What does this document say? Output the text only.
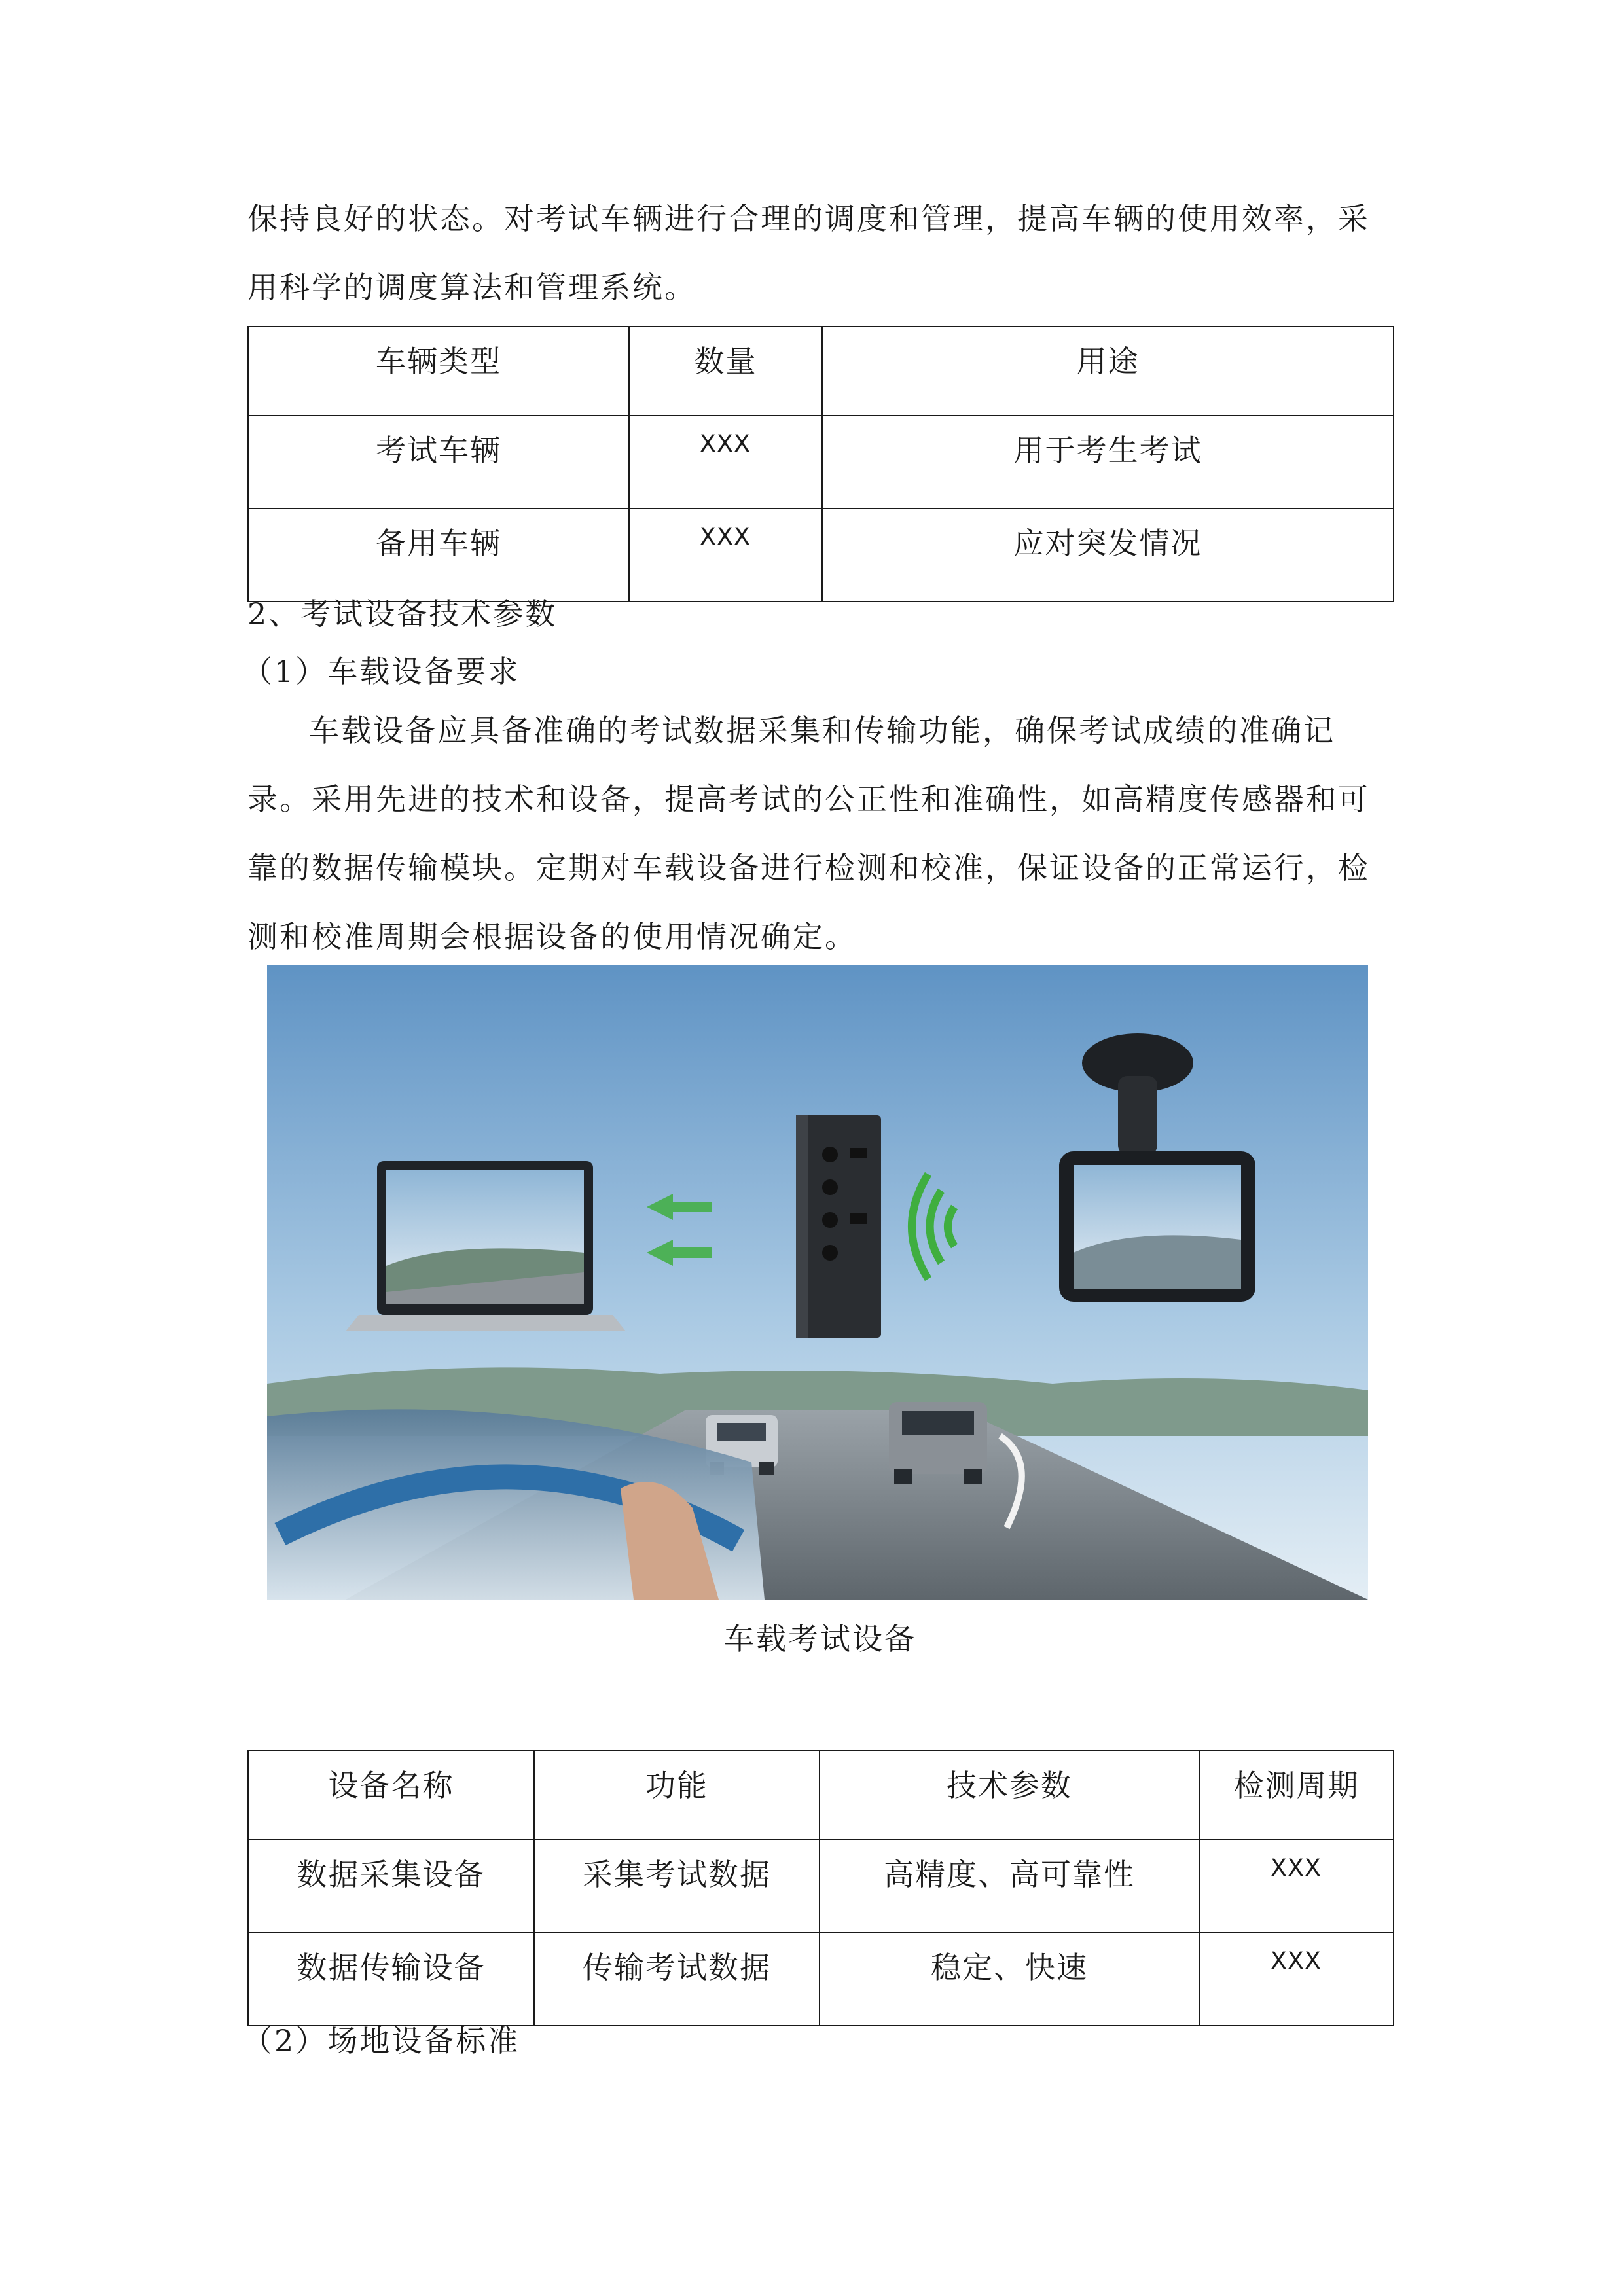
保持良好的状态。对考试车辆进行合理的调度和管理，提高车辆的使用效率，采用科学的调度算法和管理系统。

车辆类型	数量	用途
考试车辆	XXX	用于考生考试
备用车辆	XXX	应对突发情况
2、考试设备技术参数
（1）车载设备要求

车载设备应具备准确的考试数据采集和传输功能，确保考试成绩的准确记录。采用先进的技术和设备，提高考试的公正性和准确性，如高精度传感器和可靠的数据传输模块。定期对车载设备进行检测和校准，保证设备的正常运行，检测和校准周期会根据设备的使用情况确定。

车载考试设备
设备名称	功能	技术参数	检测周期
数据采集设备	采集考试数据	高精度、高可靠性	XXX
数据传输设备	传输考试数据	稳定、快速	XXX
（2）场地设备标准
